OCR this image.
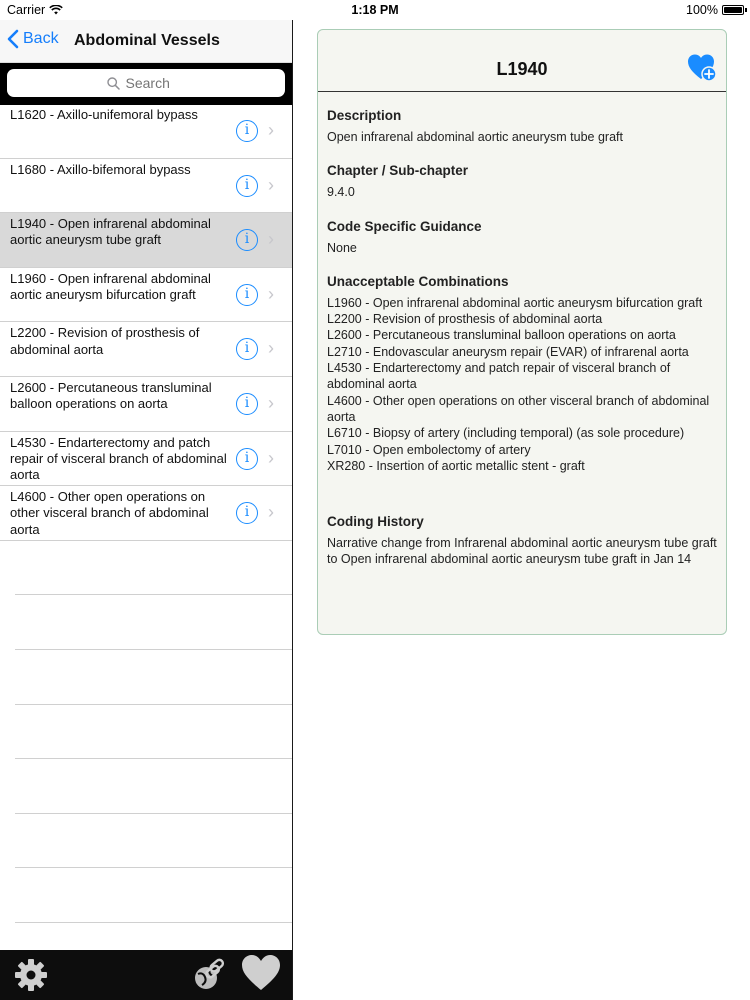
Carrier	1:18 PM	100%
Back Abdominal Vessels
Search
L1620 - Axillo-unifemoral bypass
i	›
L1680 - Axillo-bifemoral bypass
i	›
L1940 - Open infrarenal abdominal aortic aneurysm tube graft	i	›
L1960 - Open infrarenal abdominal aortic aneurysm bifurcation graft	i	›
L2200 - Revision of prosthesis of abdominal aorta	i	›
L2600 - Percutaneous transluminal balloon operations on aorta	i	›
L4530 - Endarterectomy and patch repair of visceral branch of abdominal aorta
i	›
L4600 - Other open operations on other visceral branch of abdominal aorta
i	›
L1940
Description
Open infrarenal abdominal aortic aneurysm tube graft
Chapter / Sub-chapter
9.4.0
Code Specific Guidance
None
Unacceptable Combinations
L1960 - Open infrarenal abdominal aortic aneurysm bifurcation graft
L2200 - Revision of prosthesis of abdominal aorta
L2600 - Percutaneous transluminal balloon operations on aorta
L2710 - Endovascular aneurysm repair (EVAR) of infrarenal aorta
L4530 - Endarterectomy and patch repair of visceral branch of abdominal aorta
L4600 - Other open operations on other visceral branch of abdominal aorta
L6710 - Biopsy of artery (including temporal) (as sole procedure)
L7010 - Open embolectomy of artery
XR280 - Insertion of aortic metallic stent - graft
Coding History
Narrative change from Infrarenal abdominal aortic aneurysm tube graft to Open infrarenal abdominal aortic aneurysm tube graft in Jan 14
